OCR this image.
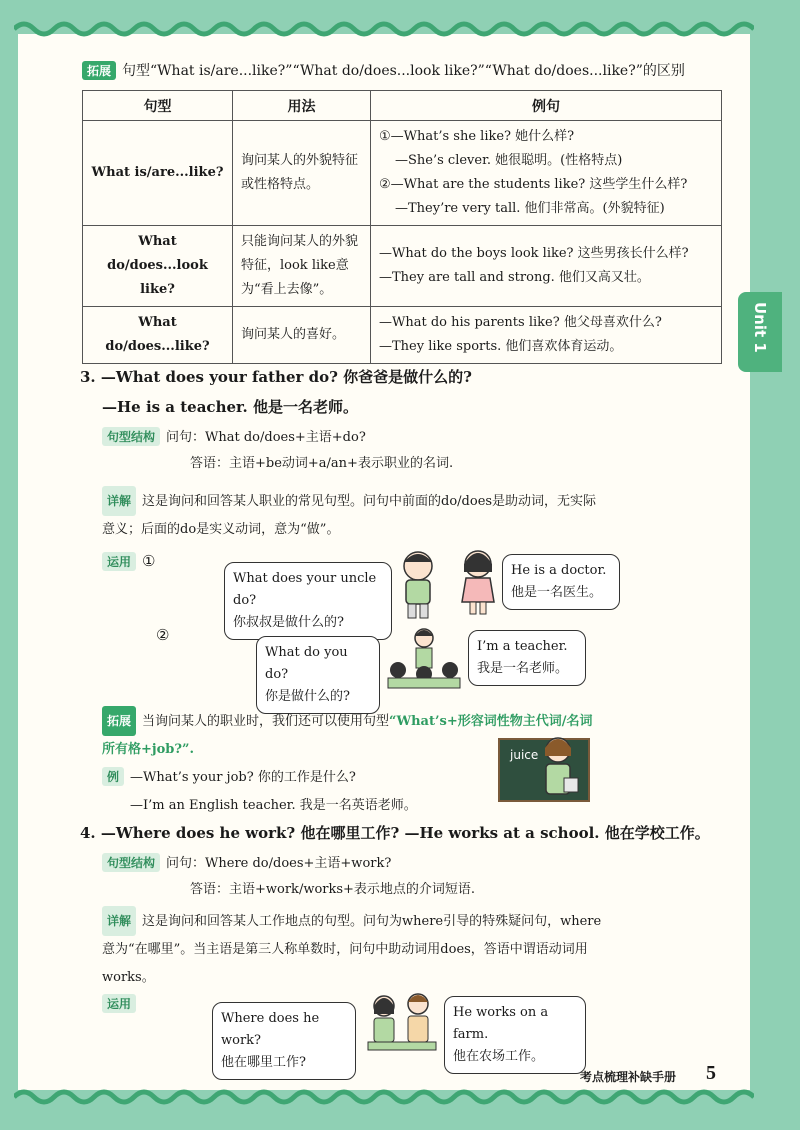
Unit 1
拓展 句型“What is/are...like?”“What do/does...look like?”“What do/does...like?”的区别
句型	用法	例句
What is/are...like?	询问某人的外貌特征或性格特点。	①—What’s she like? 她什么样?
—She’s clever. 她很聪明。(性格特点)
②—What are the students like? 这些学生什么样?
—They’re very tall. 他们非常高。(外貌特征)

What do/does...look like?	只能询问某人的外貌特征，look like意为“看上去像”。	—What do the boys look like? 这些男孩长什么样?
—They are tall and strong. 他们又高又壮。

What do/does...like?	询问某人的喜好。	—What do his parents like? 他父母喜欢什么?
—They like sports. 他们喜欢体育运动。
3. —What does your father do? 你爸爸是做什么的?
—He is a teacher. 他是一名老师。
句型结构 问句：What do/does+主语+do?
答语：主语+be动词+a/an+表示职业的名词.
详解 这是询问和回答某人职业的常见句型。问句中前面的do/does是助动词，无实际
意义；后面的do是实义动词，意为“做”。
运用 ①
What does your uncle do?
你叔叔是做什么的?
He is a doctor.
他是一名医生。
②
What do you do?
你是做什么的?
I’m a teacher.
我是一名老师。
拓展 当询问某人的职业时，我们还可以使用句型“What’s+形容词性物主代词/名词
所有格+job?”.
例 —What’s your job? 你的工作是什么?
—I’m an English teacher. 我是一名英语老师。
juice
4. —Where does he work? 他在哪里工作? —He works at a school. 他在学校工作。
句型结构 问句：Where do/does+主语+work?
答语：主语+work/works+表示地点的介词短语.
详解 这是询问和回答某人工作地点的句型。问句为where引导的特殊疑问句，where
意为“在哪里”。当主语是第三人称单数时，问句中助动词用does，答语中谓语动词用
works。
运用
Where does he work?
他在哪里工作?
He works on a farm.
他在农场工作。
考点梳理补缺手册 5
